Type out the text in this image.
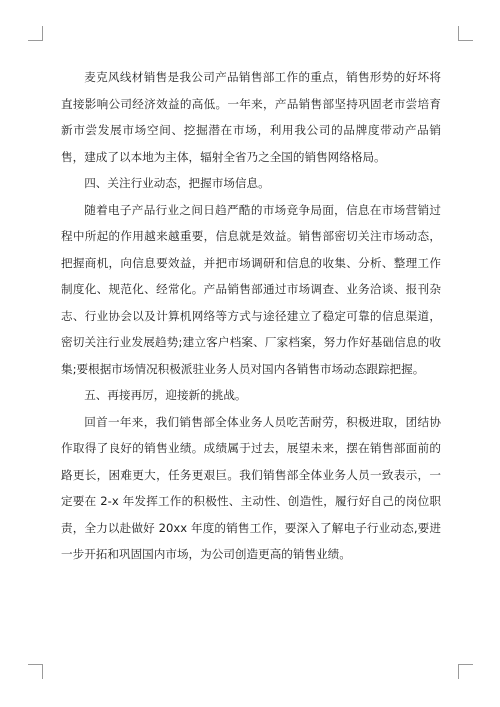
麦克风线材销售是我公司产品销售部工作的重点，销售形势的好坏将直接影响公司经济效益的高低。一年来，产品销售部坚持巩固老市尝培育新市尝发展市场空间、挖掘潜在市场，利用我公司的品牌度带动产品销售，建成了以本地为主体，辐射全省乃之全国的销售网络格局。

四、关注行业动态，把握市场信息。

随着电子产品行业之间日趋严酷的市场竞争局面，信息在市场营销过程中所起的作用越来越重要，信息就是效益。销售部密切关注市场动态，把握商机，向信息要效益，并把市场调研和信息的收集、分析、整理工作制度化、规范化、经常化。产品销售部通过市场调查、业务洽谈、报刊杂志、行业协会以及计算机网络等方式与途径建立了稳定可靠的信息渠道，密切关注行业发展趋势;建立客户档案、厂家档案，努力作好基础信息的收集;要根据市场情况积极派驻业务人员对国内各销售市场动态跟踪把握。

五、再接再厉，迎接新的挑战。

回首一年来，我们销售部全体业务人员吃苦耐劳，积极进取，团结协作取得了良好的销售业绩。成绩属于过去，展望未来，摆在销售部面前的路更长，困难更大，任务更艰巨。我们销售部全体业务人员一致表示，一定要在 2-x 年发挥工作的积极性、主动性、创造性，履行好自己的岗位职责，全力以赴做好 20xx 年度的销售工作，要深入了解电子行业动态,要进一步开拓和巩固国内市场，为公司创造更高的销售业绩。
